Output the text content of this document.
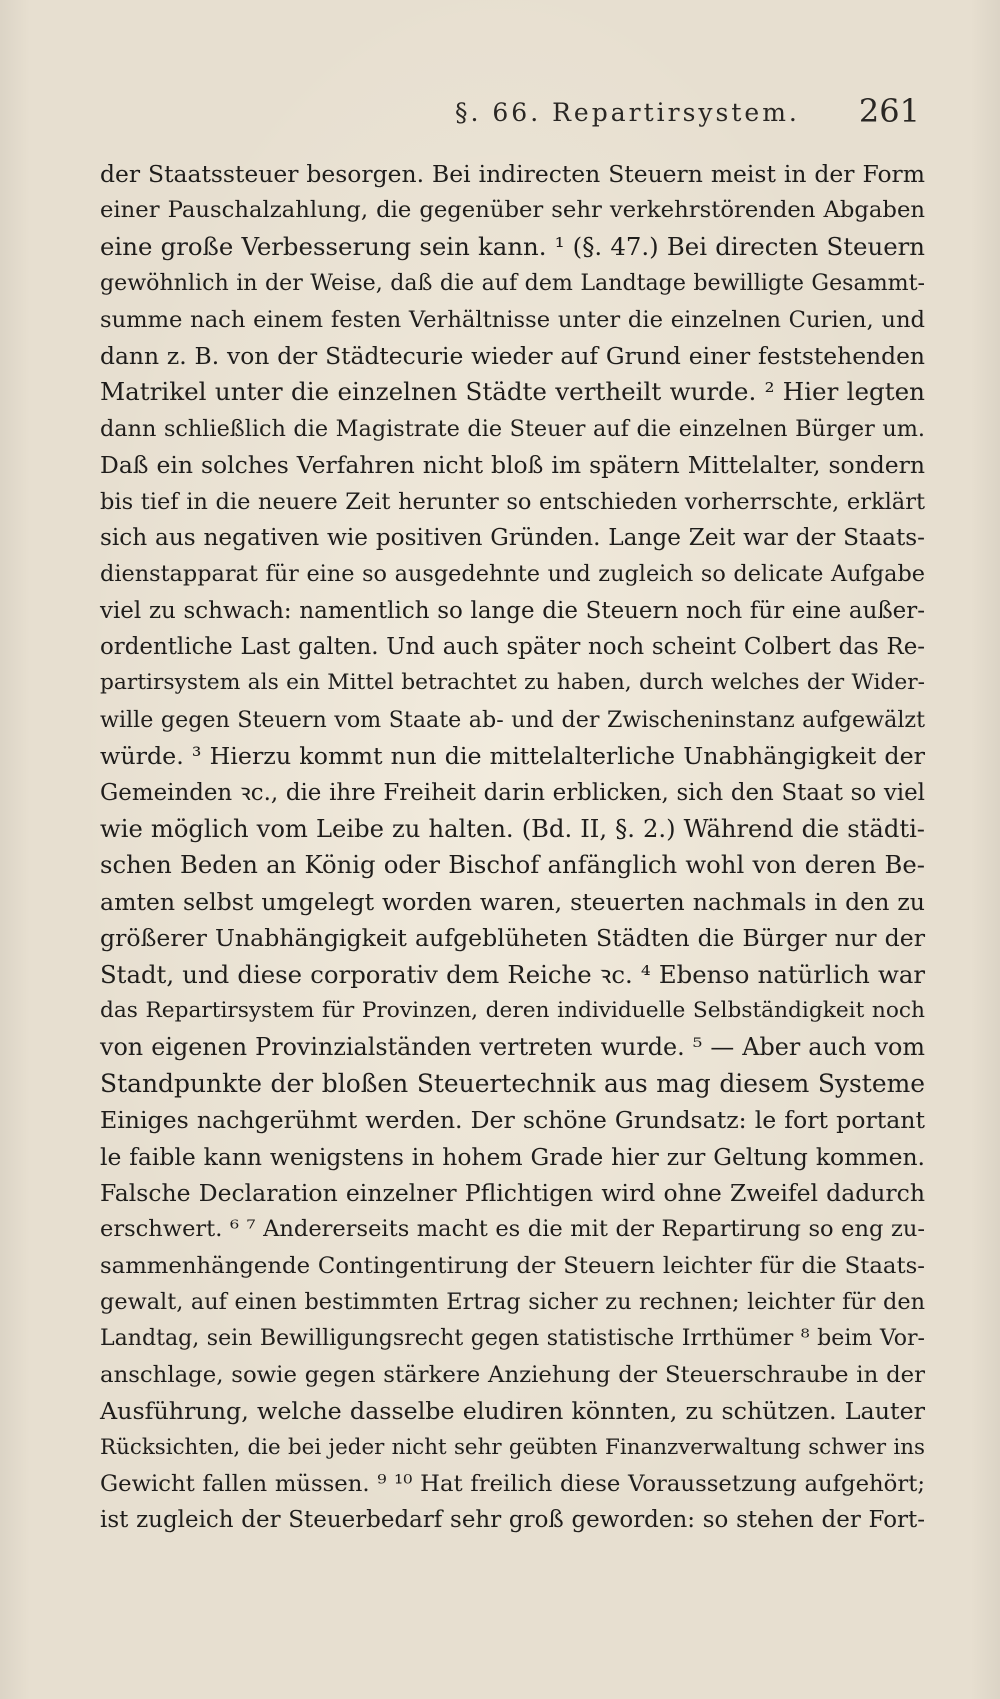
§. 66. Repartirsystem. 261
der Staatssteuer besorgen. Bei indirecten Steuern meist in der Form
einer Pauschalzahlung, die gegenüber sehr verkehrstörenden Abgaben
eine große Verbesserung sein kann. ¹ (§. 47.) Bei directen Steuern
gewöhnlich in der Weise, daß die auf dem Landtage bewilligte Gesammt-
summe nach einem festen Verhältnisse unter die einzelnen Curien, und
dann z. B. von der Städtecurie wieder auf Grund einer feststehenden
Matrikel unter die einzelnen Städte vertheilt wurde. ² Hier legten
dann schließlich die Magistrate die Steuer auf die einzelnen Bürger um.
Daß ein solches Verfahren nicht bloß im spätern Mittelalter, sondern
bis tief in die neuere Zeit herunter so entschieden vorherrschte, erklärt
sich aus negativen wie positiven Gründen. Lange Zeit war der Staats-
dienstapparat für eine so ausgedehnte und zugleich so delicate Aufgabe
viel zu schwach: namentlich so lange die Steuern noch für eine außer-
ordentliche Last galten. Und auch später noch scheint Colbert das Re-
partirsystem als ein Mittel betrachtet zu haben, durch welches der Wider-
wille gegen Steuern vom Staate ab- und der Zwischeninstanz aufgewälzt
würde. ³ Hierzu kommt nun die mittelalterliche Unabhängigkeit der
Gemeinden ꝛc., die ihre Freiheit darin erblicken, sich den Staat so viel
wie möglich vom Leibe zu halten. (Bd. II, §. 2.) Während die städti-
schen Beden an König oder Bischof anfänglich wohl von deren Be-
amten selbst umgelegt worden waren, steuerten nachmals in den zu
größerer Unabhängigkeit aufgeblüheten Städten die Bürger nur der
Stadt, und diese corporativ dem Reiche ꝛc. ⁴ Ebenso natürlich war
das Repartirsystem für Provinzen, deren individuelle Selbständigkeit noch
von eigenen Provinzialständen vertreten wurde. ⁵ — Aber auch vom
Standpunkte der bloßen Steuertechnik aus mag diesem Systeme
Einiges nachgerühmt werden. Der schöne Grundsatz: le fort portant
le faible kann wenigstens in hohem Grade hier zur Geltung kommen.
Falsche Declaration einzelner Pflichtigen wird ohne Zweifel dadurch
erschwert. ⁶ ⁷ Andererseits macht es die mit der Repartirung so eng zu-
sammenhängende Contingentirung der Steuern leichter für die Staats-
gewalt, auf einen bestimmten Ertrag sicher zu rechnen; leichter für den
Landtag, sein Bewilligungsrecht gegen statistische Irrthümer ⁸ beim Vor-
anschlage, sowie gegen stärkere Anziehung der Steuerschraube in der
Ausführung, welche dasselbe eludiren könnten, zu schützen. Lauter
Rücksichten, die bei jeder nicht sehr geübten Finanzverwaltung schwer ins
Gewicht fallen müssen. ⁹ ¹⁰ Hat freilich diese Voraussetzung aufgehört;
ist zugleich der Steuerbedarf sehr groß geworden: so stehen der Fort-
